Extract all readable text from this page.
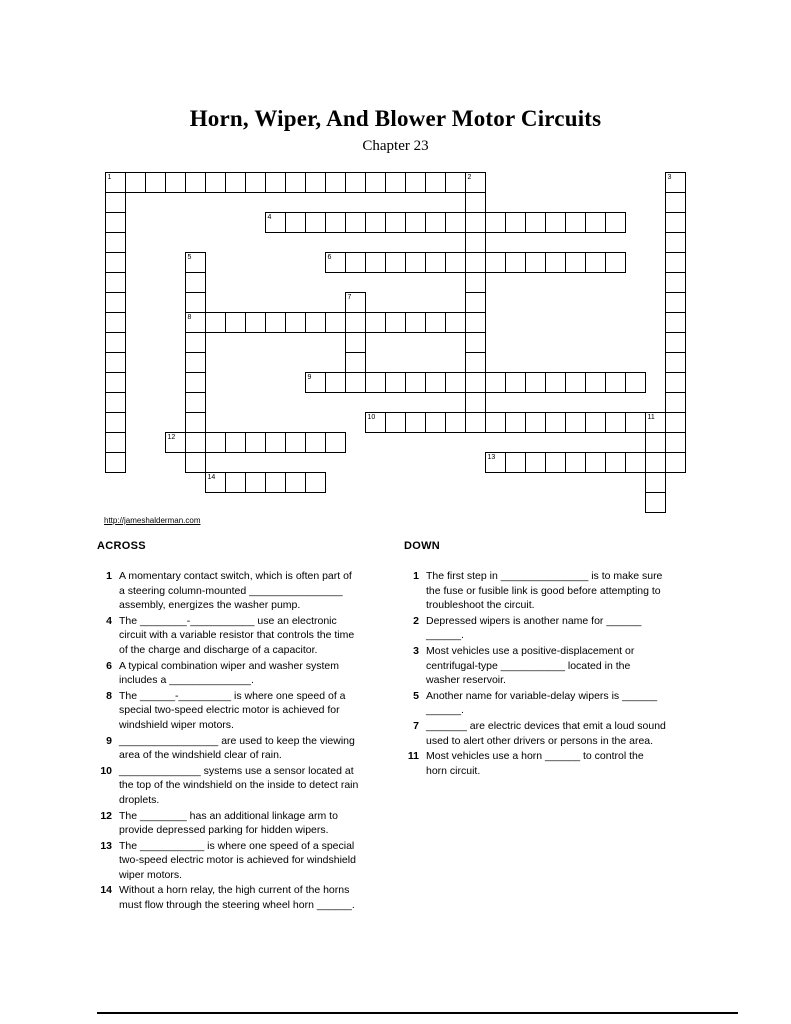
Horn, Wiper, And Blower Motor Circuits
Chapter 23
1	2
4
6
8
9
10	11
12
13
14
3
5
7
http://jameshalderman.com
ACROSS
1 A momentary contact switch, which is often part of a steering column-mounted ________________ assembly, energizes the washer pump.
4 The ________-___________ use an electronic circuit with a variable resistor that controls the time of the charge and discharge of a capacitor.
6 A typical combination wiper and washer system includes a ______________.
8 The ______-_________ is where one speed of a special two-speed electric motor is achieved for windshield wiper motors.
9 _________________ are used to keep the viewing area of the windshield clear of rain.
10 ______________ systems use a sensor located at the top of the windshield on the inside to detect rain droplets.
12 The ________ has an additional linkage arm to provide depressed parking for hidden wipers.
13 The ___________ is where one speed of a special two-speed electric motor is achieved for windshield wiper motors.
14 Without a horn relay, the high current of the horns must flow through the steering wheel horn ______.
DOWN
1 The first step in _______________ is to make sure the fuse or fusible link is good before attempting to troubleshoot the circuit.
2 Depressed wipers is another name for ______ ______.
3 Most vehicles use a positive-displacement or centrifugal-type ___________ located in the washer reservoir.
5 Another name for variable-delay wipers is ______ ______.
7 _______ are electric devices that emit a loud sound used to alert other drivers or persons in the area.
11 Most vehicles use a horn ______ to control the horn circuit.
